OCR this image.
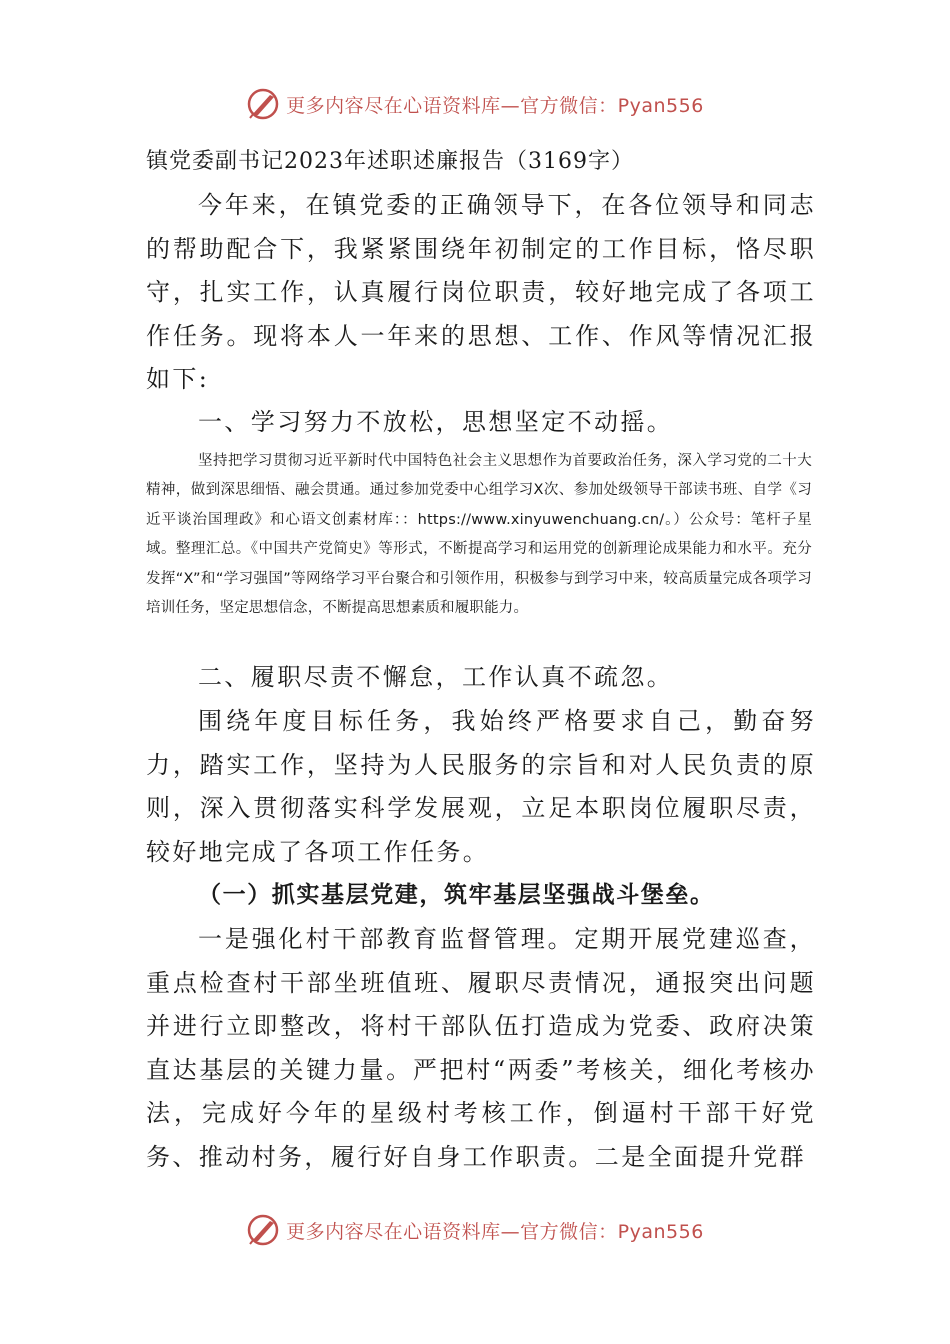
更多内容尽在心语资料库—官方微信：Pyan556
镇党委副书记2023年述职述廉报告（3169字）

今年来，在镇党委的正确领导下，在各位领导和同志的帮助配合下，我紧紧围绕年初制定的工作目标，恪尽职守，扎实工作，认真履行岗位职责，较好地完成了各项工作任务。现将本人一年来的思想、工作、作风等情况汇报如下:

一、学习努力不放松，思想坚定不动摇。

坚持把学习贯彻习近平新时代中国特色社会主义思想作为首要政治任务，深入学习党的二十大精神，做到深思细悟、融会贯通。通过参加党委中心组学习X次、参加处级领导干部读书班、自学《习近平谈治国理政》和心语文创素材库：：https://www.xinyuwenchuang.cn/。）公众号：笔杆子星域。整理汇总。《中国共产党简史》等形式，不断提高学习和运用党的创新理论成果能力和水平。充分发挥“X”和“学习强国”等网络学习平台聚合和引领作用，积极参与到学习中来，较高质量完成各项学习培训任务，坚定思想信念，不断提高思想素质和履职能力。

二、履职尽责不懈怠，工作认真不疏忽。

围绕年度目标任务，我始终严格要求自己，勤奋努力，踏实工作，坚持为人民服务的宗旨和对人民负责的原则，深入贯彻落实科学发展观，立足本职岗位履职尽责，较好地完成了各项工作任务。

（一）抓实基层党建，筑牢基层坚强战斗堡垒。

一是强化村干部教育监督管理。定期开展党建巡查，重点检查村干部坐班值班、履职尽责情况，通报突出问题并进行立即整改，将村干部队伍打造成为党委、政府决策直达基层的关键力量。严把村“两委”考核关，细化考核办法，完成好今年的星级村考核工作，倒逼村干部干好党务、推动村务，履行好自身工作职责。二是全面提升党群

更多内容尽在心语资料库—官方微信：Pyan556
